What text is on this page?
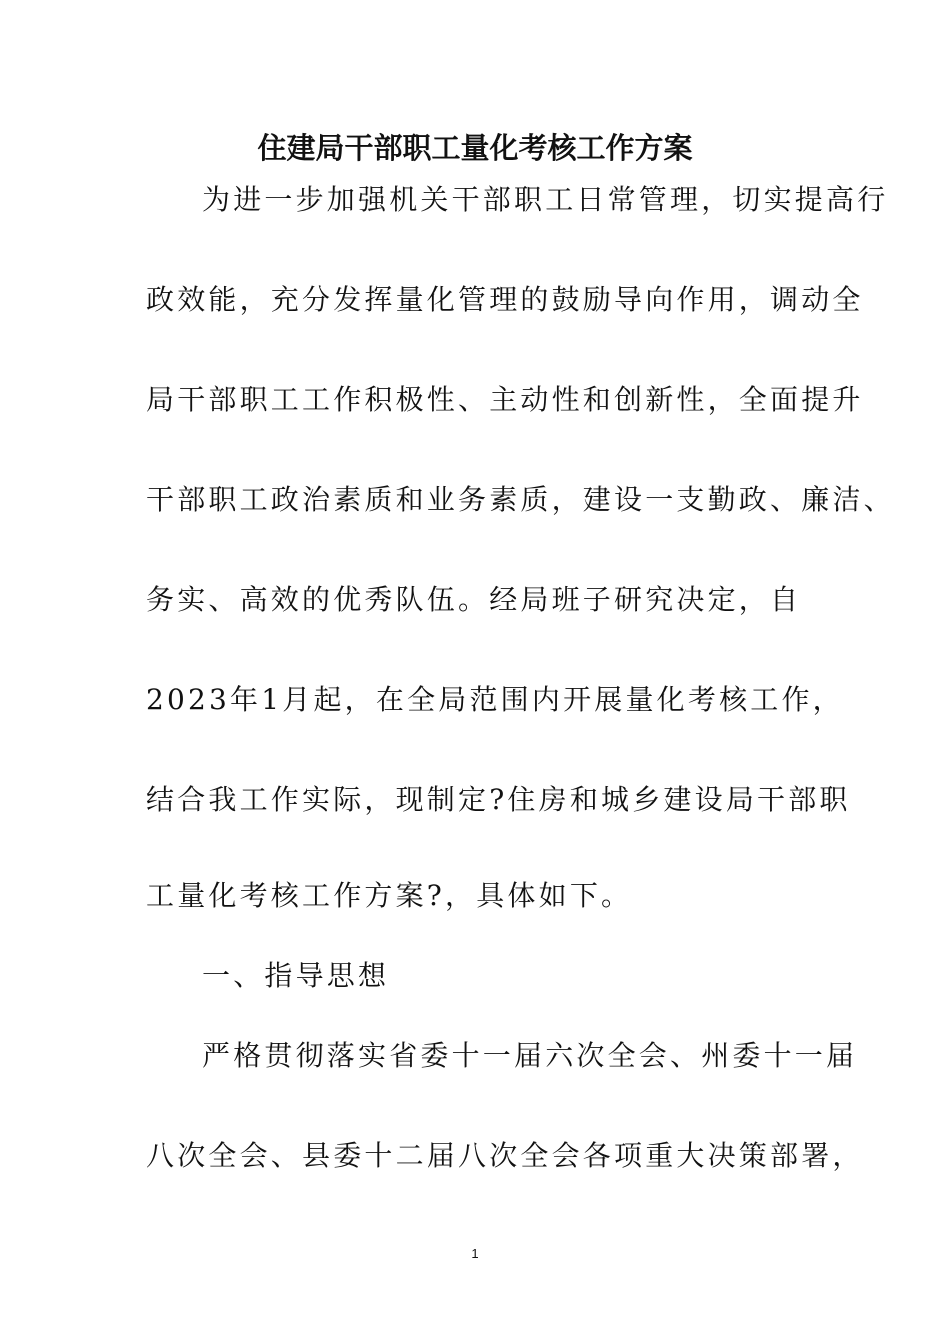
住建局干部职工量化考核工作方案
为进一步加强机关干部职工日常管理，切实提高行
政效能，充分发挥量化管理的鼓励导向作用，调动全
局干部职工工作积极性、主动性和创新性，全面提升
干部职工政治素质和业务素质，建设一支勤政、廉洁、
务实、高效的优秀队伍。经局班子研究决定，自
2023年1月起，在全局范围内开展量化考核工作，
结合我工作实际，现制定?住房和城乡建设局干部职
工量化考核工作方案?，具体如下。
一、指导思想
严格贯彻落实省委十一届六次全会、州委十一届
八次全会、县委十二届八次全会各项重大决策部署，
1
